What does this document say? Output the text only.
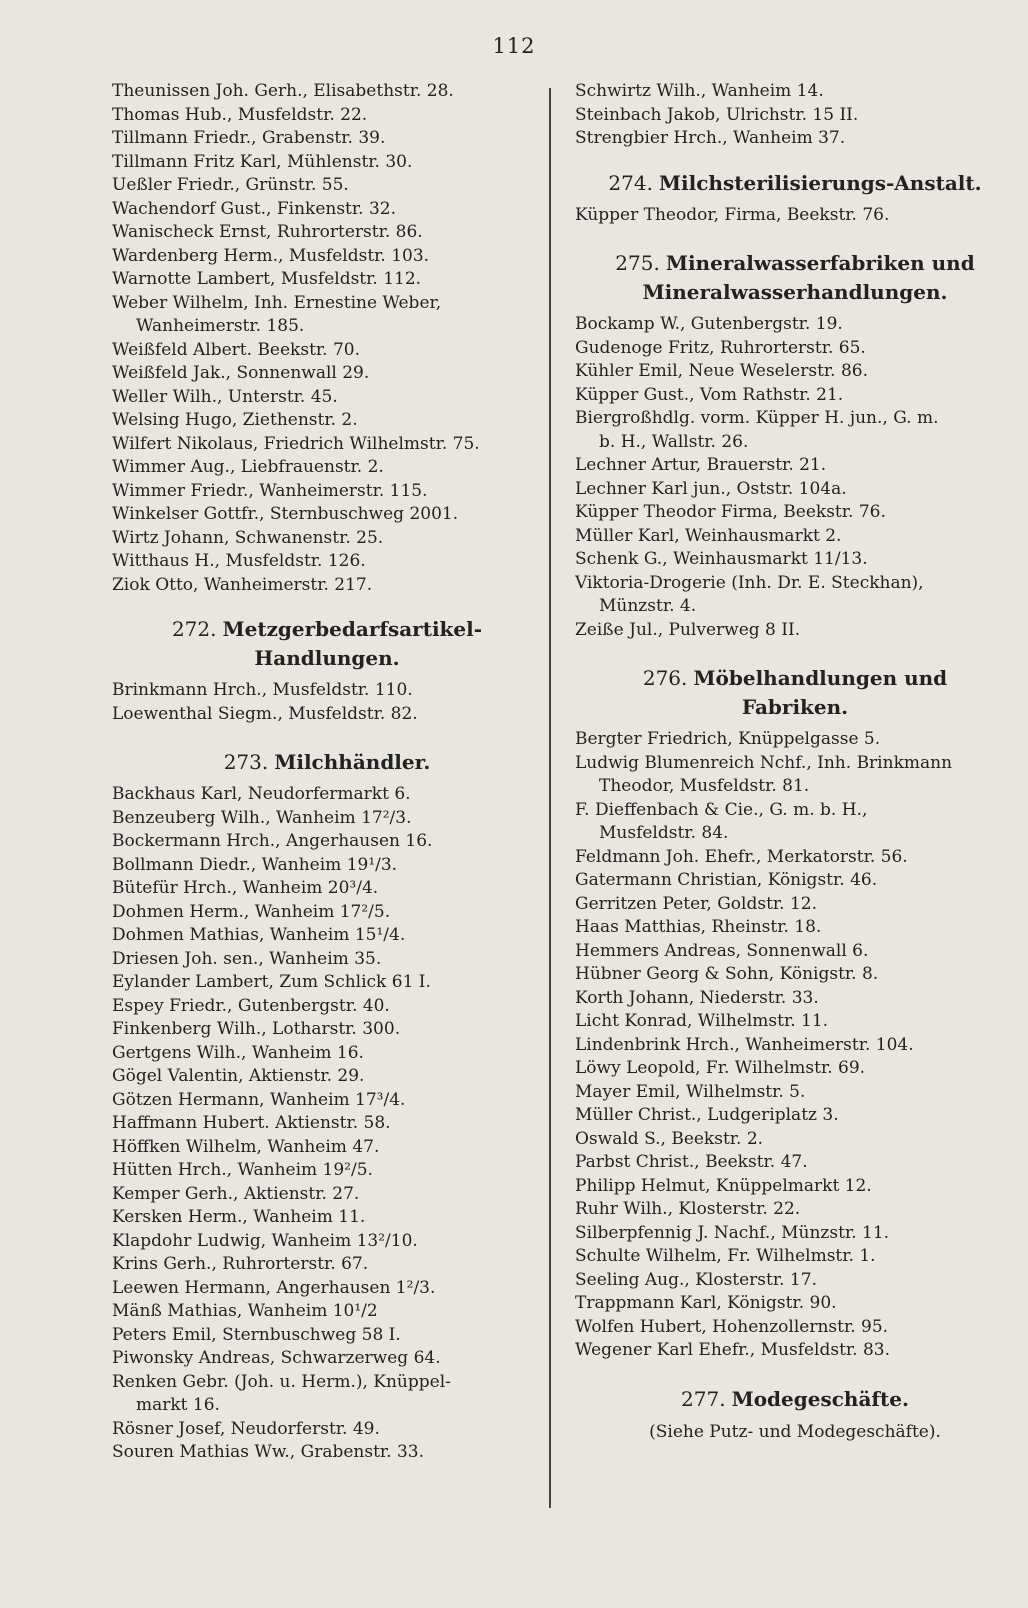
112
Theunissen Joh. Gerh., Elisabethstr. 28.
Thomas Hub., Musfeldstr. 22.
Tillmann Friedr., Grabenstr. 39.
Tillmann Fritz Karl, Mühlenstr. 30.
Ueßler Friedr., Grünstr. 55.
Wachendorf Gust., Finkenstr. 32.
Wanischeck Ernst, Ruhrorterstr. 86.
Wardenberg Herm., Musfeldstr. 103.
Warnotte Lambert, Musfeldstr. 112.
Weber Wilhelm, Inh. Ernestine Weber,
Wanheimerstr. 185.
Weißfeld Albert. Beekstr. 70.
Weißfeld Jak., Sonnenwall 29.
Weller Wilh., Unterstr. 45.
Welsing Hugo, Ziethenstr. 2.
Wilfert Nikolaus, Friedrich Wilhelmstr. 75.
Wimmer Aug., Liebfrauenstr. 2.
Wimmer Friedr., Wanheimerstr. 115.
Winkelser Gottfr., Sternbuschweg 2001.
Wirtz Johann, Schwanenstr. 25.
Witthaus H., Musfeldstr. 126.
Ziok Otto, Wanheimerstr. 217.
272. Metzgerbedarfsartikel-
Handlungen.
Brinkmann Hrch., Musfeldstr. 110.
Loewenthal Siegm., Musfeldstr. 82.
273. Milchhändler.
Backhaus Karl, Neudorfermarkt 6.
Benzeuberg Wilh., Wanheim 17²/3.
Bockermann Hrch., Angerhausen 16.
Bollmann Diedr., Wanheim 19¹/3.
Bütefür Hrch., Wanheim 20³/4.
Dohmen Herm., Wanheim 17²/5.
Dohmen Mathias, Wanheim 15¹/4.
Driesen Joh. sen., Wanheim 35.
Eylander Lambert, Zum Schlick 61 I.
Espey Friedr., Gutenbergstr. 40.
Finkenberg Wilh., Lotharstr. 300.
Gertgens Wilh., Wanheim 16.
Gögel Valentin, Aktienstr. 29.
Götzen Hermann, Wanheim 17³/4.
Haffmann Hubert. Aktienstr. 58.
Höffken Wilhelm, Wanheim 47.
Hütten Hrch., Wanheim 19²/5.
Kemper Gerh., Aktienstr. 27.
Kersken Herm., Wanheim 11.
Klapdohr Ludwig, Wanheim 13²/10.
Krins Gerh., Ruhrorterstr. 67.
Leewen Hermann, Angerhausen 1²/3.
Mänß Mathias, Wanheim 10¹/2
Peters Emil, Sternbuschweg 58 I.
Piwonsky Andreas, Schwarzerweg 64.
Renken Gebr. (Joh. u. Herm.), Knüppel-
markt 16.
Rösner Josef, Neudorferstr. 49.
Souren Mathias Ww., Grabenstr. 33.
Schwirtz Wilh., Wanheim 14.
Steinbach Jakob, Ulrichstr. 15 II.
Strengbier Hrch., Wanheim 37.
274. Milchsterilisierungs-Anstalt.
Küpper Theodor, Firma, Beekstr. 76.
275. Mineralwasserfabriken und
Mineralwasserhandlungen.
Bockamp W., Gutenbergstr. 19.
Gudenoge Fritz, Ruhrorterstr. 65.
Kühler Emil, Neue Weselerstr. 86.
Küpper Gust., Vom Rathstr. 21.
Biergroßhdlg. vorm. Küpper H. jun., G. m.
b. H., Wallstr. 26.
Lechner Artur, Brauerstr. 21.
Lechner Karl jun., Oststr. 104a.
Küpper Theodor Firma, Beekstr. 76.
Müller Karl, Weinhausmarkt 2.
Schenk G., Weinhausmarkt 11/13.
Viktoria-Drogerie (Inh. Dr. E. Steckhan),
Münzstr. 4.
Zeiße Jul., Pulverweg 8 II.
276. Möbelhandlungen und
Fabriken.
Bergter Friedrich, Knüppelgasse 5.
Ludwig Blumenreich Nchf., Inh. Brinkmann
Theodor, Musfeldstr. 81.
F. Dieffenbach & Cie., G. m. b. H.,
Musfeldstr. 84.
Feldmann Joh. Ehefr., Merkatorstr. 56.
Gatermann Christian, Königstr. 46.
Gerritzen Peter, Goldstr. 12.
Haas Matthias, Rheinstr. 18.
Hemmers Andreas, Sonnenwall 6.
Hübner Georg & Sohn, Königstr. 8.
Korth Johann, Niederstr. 33.
Licht Konrad, Wilhelmstr. 11.
Lindenbrink Hrch., Wanheimerstr. 104.
Löwy Leopold, Fr. Wilhelmstr. 69.
Mayer Emil, Wilhelmstr. 5.
Müller Christ., Ludgeriplatz 3.
Oswald S., Beekstr. 2.
Parbst Christ., Beekstr. 47.
Philipp Helmut, Knüppelmarkt 12.
Ruhr Wilh., Klosterstr. 22.
Silberpfennig J. Nachf., Münzstr. 11.
Schulte Wilhelm, Fr. Wilhelmstr. 1.
Seeling Aug., Klosterstr. 17.
Trappmann Karl, Königstr. 90.
Wolfen Hubert, Hohenzollernstr. 95.
Wegener Karl Ehefr., Musfeldstr. 83.
277. Modegeschäfte.
(Siehe Putz- und Modegeschäfte).
